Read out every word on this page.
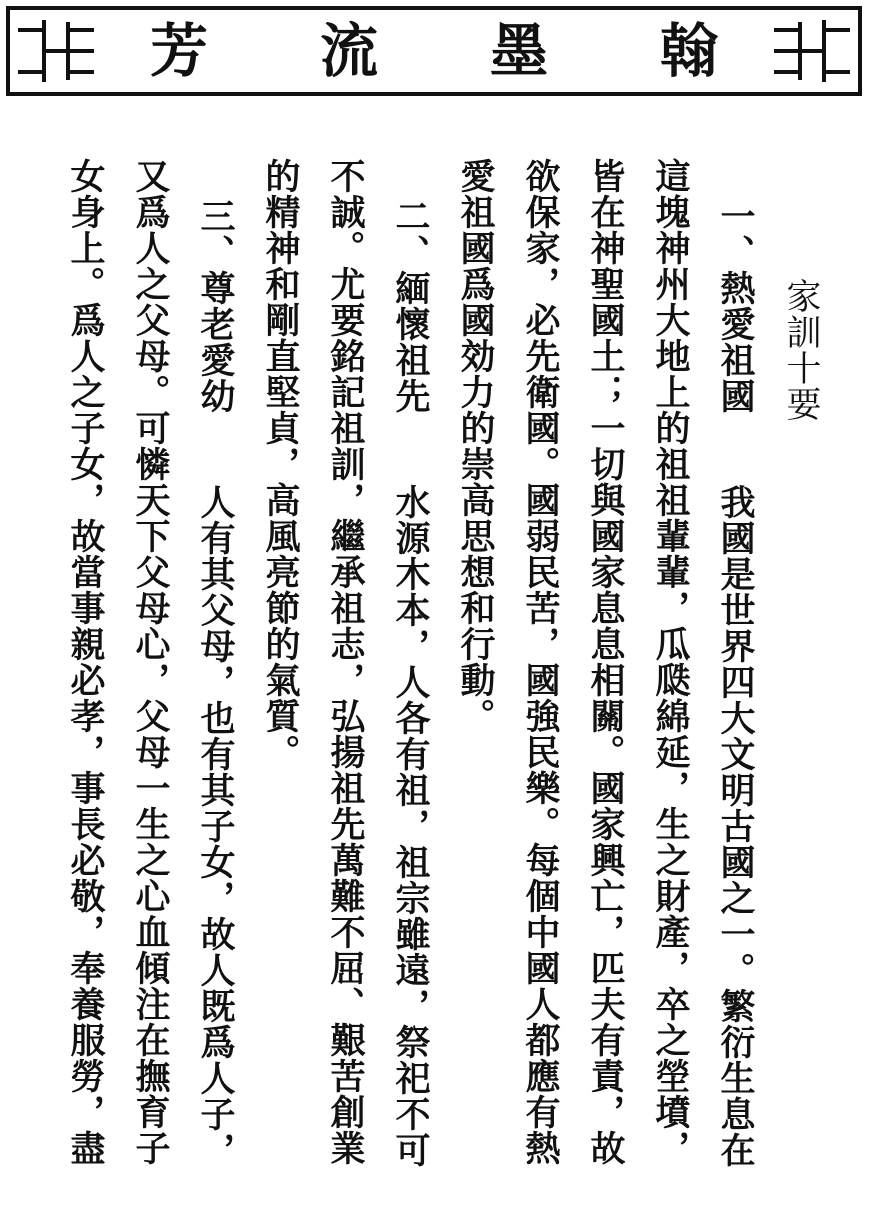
芳 流 墨 翰
家訓十要
一、熱愛祖國我國是世界四大文明古國之一。繁衍生息在
這塊神州大地上的祖祖輩輩，瓜瓞綿延，生之財產，卒之塋墳，
皆在神聖國土；一切與國家息息相關。國家興亡，匹夫有責，故
欲保家，必先衛國。國弱民苦，國強民樂。每個中國人都應有熱
愛祖國爲國効力的崇高思想和行動。
二、緬懷祖先水源木本，人各有祖，祖宗雖遠，祭祀不可
不誠。尤要銘記祖訓，繼承祖志，弘揚祖先萬難不屈、艱苦創業
的精神和剛直堅貞，高風亮節的氣質。
三、尊老愛幼人有其父母，也有其子女，故人既爲人子，
又爲人之父母。可憐天下父母心，父母一生之心血傾注在撫育子
女身上。爲人之子女，故當事親必孝，事長必敬，奉養服勞，盡
